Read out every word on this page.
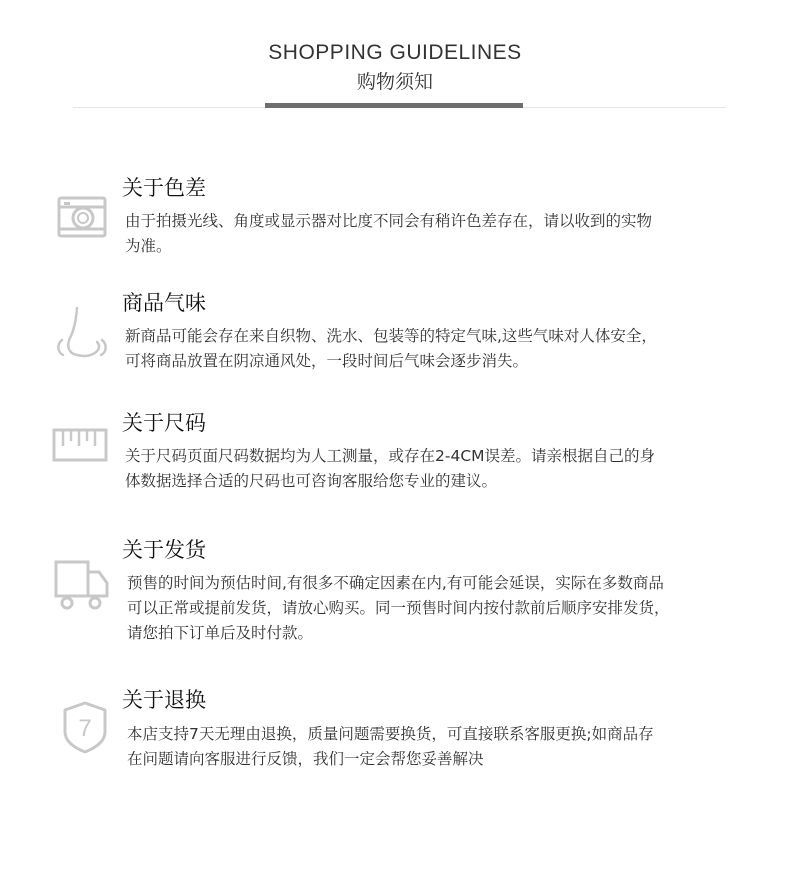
SHOPPING GUIDELINES
购物须知
关于色差
由于拍摄光线、角度或显示器对比度不同会有稍许色差存在，请以收到的实物
为准。
商品气味
新商品可能会存在来自织物、洗水、包装等的特定气味,这些气味对人体安全，
可将商品放置在阴凉通风处，一段时间后气味会逐步消失。
关于尺码
关于尺码页面尺码数据均为人工测量，或存在2-4CM误差。请亲根据自己的身
体数据选择合适的尺码也可咨询客服给您专业的建议。
关于发货
预售的时间为预估时间,有很多不确定因素在内,有可能会延误，实际在多数商品
可以正常或提前发货，请放心购买。同一预售时间内按付款前后顺序安排发货，
请您拍下订单后及时付款。
7
关于退换
本店支持7天无理由退换，质量问题需要换货，可直接联系客服更换;如商品存
在问题请向客服进行反馈，我们一定会帮您妥善解决
